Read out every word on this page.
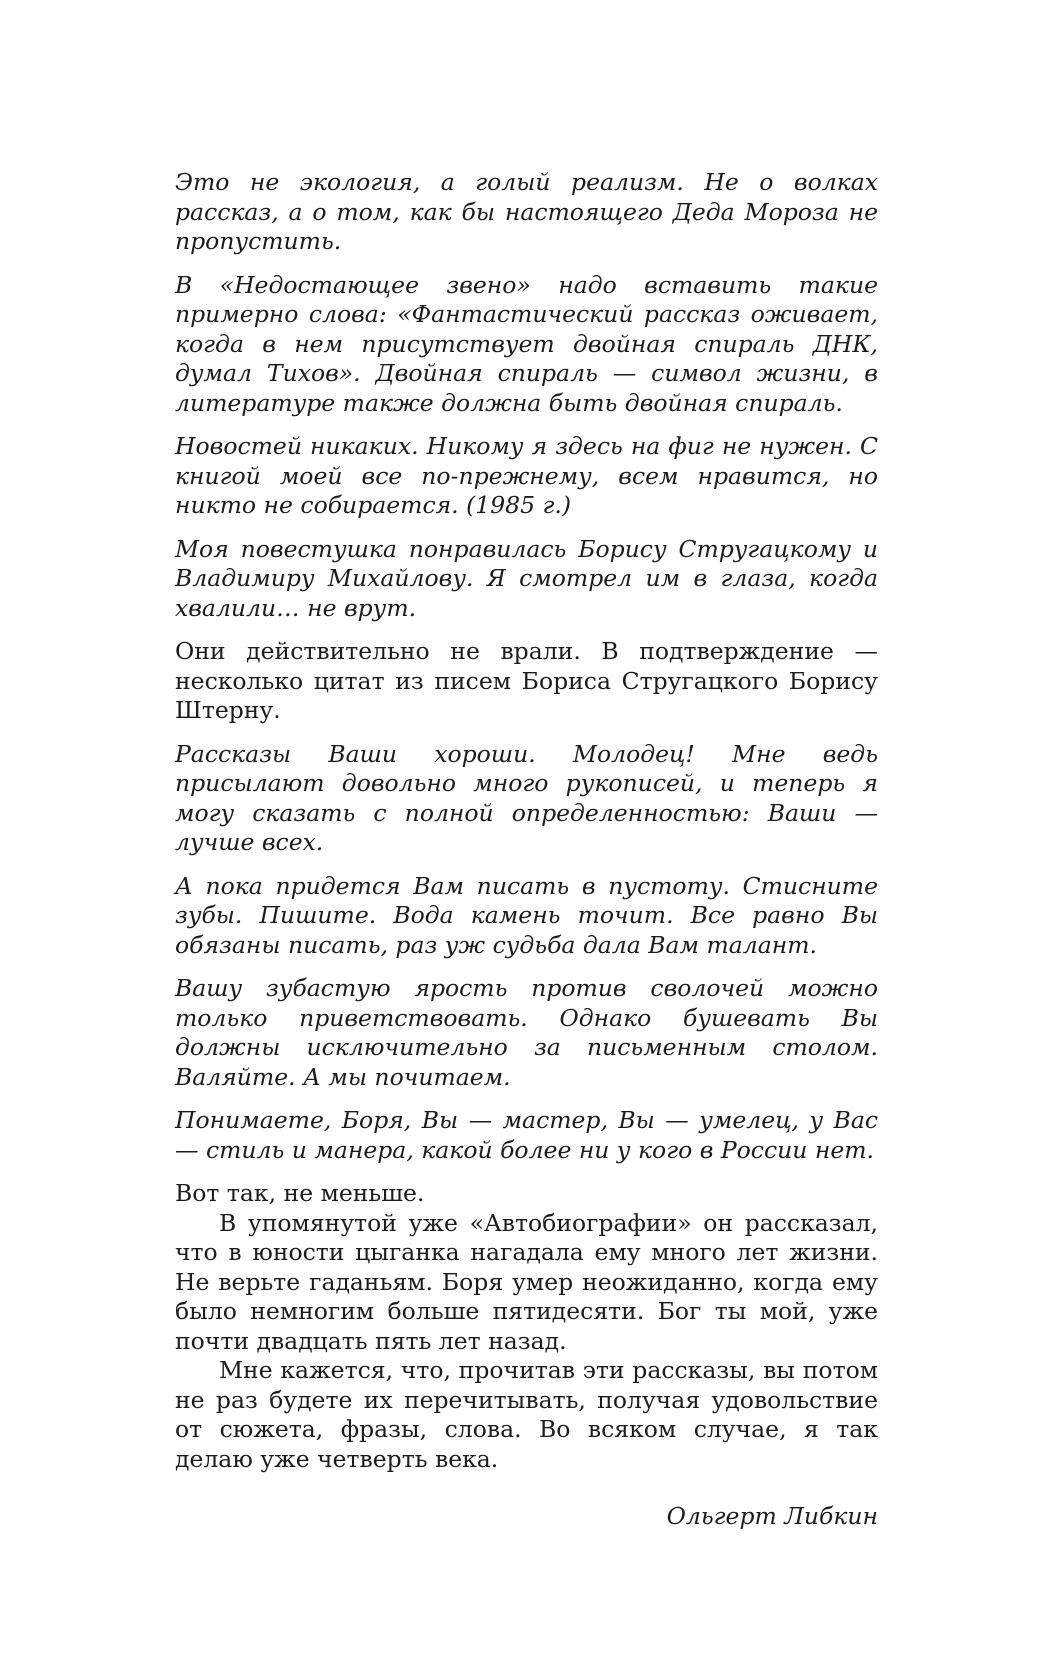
Это не экология, а голый реализм. Не о волках рассказ, а о том, как бы настоящего Деда Мороза не пропустить.

В «Недостающее звено» надо вставить такие примерно слова: «Фантастический рассказ оживает, когда в нем присутствует двойная спираль ДНК, думал Тихов». Двойная спираль — символ жизни, в литературе также должна быть двойная спираль.

Новостей никаких. Никому я здесь на фиг не нужен. С книгой моей все по-прежнему, всем нравится, но никто не собирается. (1985 г.)

Моя повестушка понравилась Борису Стругацкому и Владимиру Михайлову. Я смотрел им в глаза, когда хвалили… не врут.

Они действительно не врали. В подтверждение — несколько цитат из писем Бориса Стругацкого Борису Штерну.

Рассказы Ваши хороши. Молодец! Мне ведь присылают довольно много рукописей, и теперь я могу сказать с полной определенностью: Ваши — лучше всех.

А пока придется Вам писать в пустоту. Стисните зубы. Пишите. Вода камень точит. Все равно Вы обязаны писать, раз уж судьба дала Вам талант.

Вашу зубастую ярость против сволочей можно только приветствовать. Однако бушевать Вы должны исключительно за письменным столом. Валяйте. А мы почитаем.

Понимаете, Боря, Вы — мастер, Вы — умелец, у Вас — стиль и манера, какой более ни у кого в России нет.

Вот так, не меньше.

В упомянутой уже «Автобиографии» он рассказал, что в юности цыганка нагадала ему много лет жизни. Не верьте гаданьям. Боря умер неожиданно, когда ему было немногим больше пятидесяти. Бог ты мой, уже почти двадцать пять лет назад.

Мне кажется, что, прочитав эти рассказы, вы потом не раз будете их перечитывать, получая удовольствие от сюжета, фразы, слова. Во всяком случае, я так делаю уже четверть века.

Ольгерт Либкин
